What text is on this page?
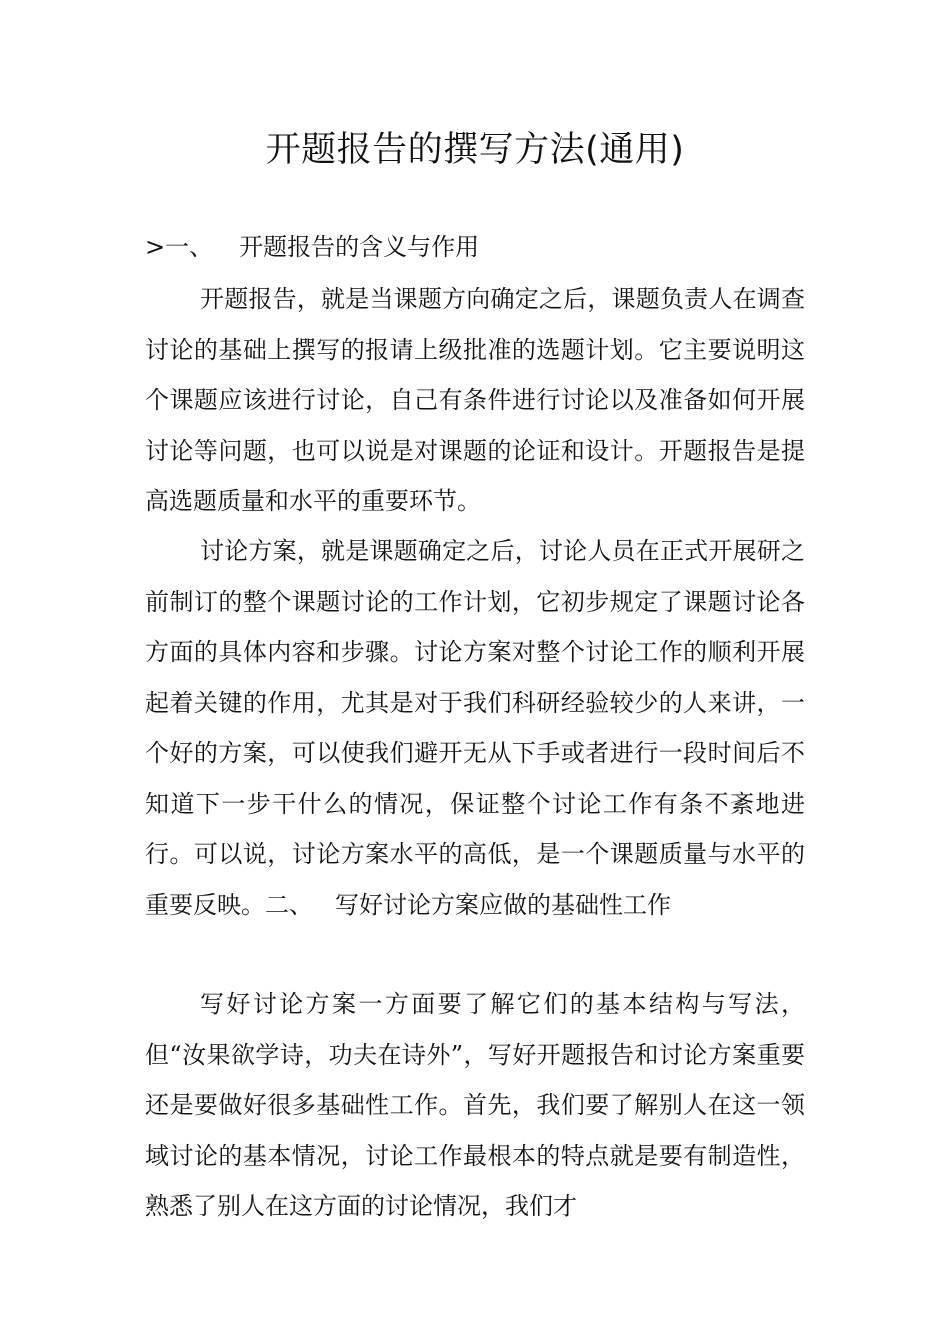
开题报告的撰写方法(通用)
>一、 开题报告的含义与作用

开题报告，就是当课题方向确定之后，课题负责人在调查讨论的基础上撰写的报请上级批准的选题计划。它主要说明这个课题应该进行讨论，自己有条件进行讨论以及准备如何开展讨论等问题，也可以说是对课题的论证和设计。开题报告是提高选题质量和水平的重要环节。

讨论方案，就是课题确定之后，讨论人员在正式开展研之前制订的整个课题讨论的工作计划，它初步规定了课题讨论各方面的具体内容和步骤。讨论方案对整个讨论工作的顺利开展起着关键的作用，尤其是对于我们科研经验较少的人来讲，一个好的方案，可以使我们避开无从下手或者进行一段时间后不知道下一步干什么的情况，保证整个讨论工作有条不紊地进行。可以说，讨论方案水平的高低，是一个课题质量与水平的重要反映。二、 写好讨论方案应做的基础性工作

写好讨论方案一方面要了解它们的基本结构与写法，但“汝果欲学诗，功夫在诗外”，写好开题报告和讨论方案重要还是要做好很多基础性工作。首先，我们要了解别人在这一领域讨论的基本情况，讨论工作最根本的特点就是要有制造性，熟悉了别人在这方面的讨论情况，我们才
